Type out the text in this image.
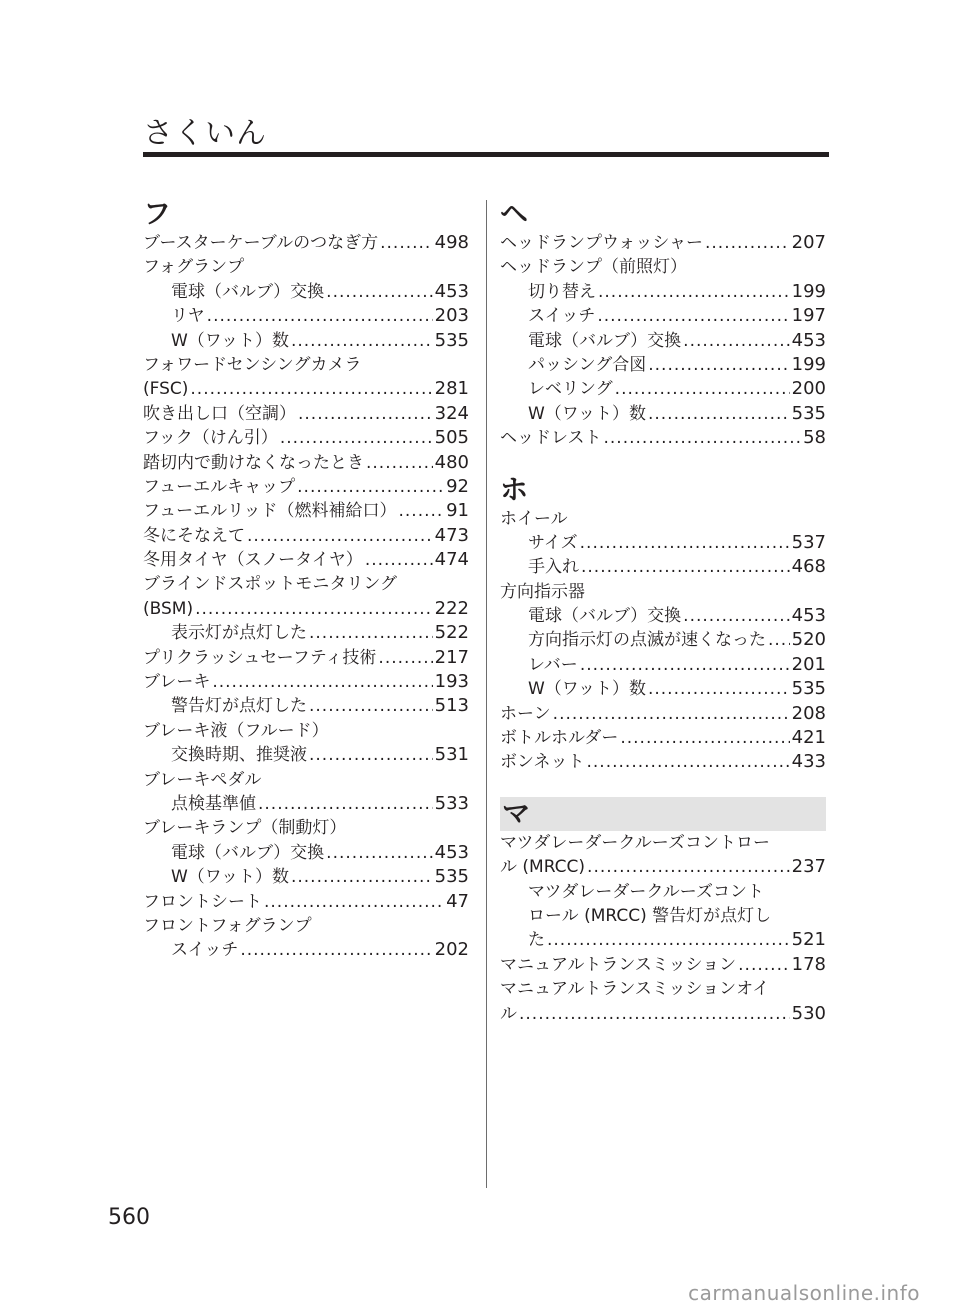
さくいん
フ
ブースターケーブルのつなぎ方 .....	498
フォグランプ
電球（バルブ）交換 .....	453
リヤ .....	203
W（ワット）数 .....	535
フォワードセンシングカメラ
(FSC) .....	281
吹き出し口（空調） .....	324
フック（けん引） .....	505
踏切内で動けなくなったとき .....	480
フューエルキャップ .....	92
フューエルリッド（燃料補給口） .....	91
冬にそなえて .....	473
冬用タイヤ（スノータイヤ） .....	474
ブラインドスポットモニタリング
(BSM) .....	222
表示灯が点灯した .....	522
プリクラッシュセーフティ技術 .....	217
ブレーキ .....	193
警告灯が点灯した .....	513
ブレーキ液（フルード）
交換時期、推奨液 .....	531
ブレーキペダル
点検基準値 .....	533
ブレーキランプ（制動灯）
電球（バルブ）交換 .....	453
W（ワット）数 .....	535
フロントシート .....	47
フロントフォグランプ
スイッチ .....	202
ヘ
ヘッドランプウォッシャー .....	207
ヘッドランプ（前照灯）
切り替え .....	199
スイッチ .....	197
電球（バルブ）交換 .....	453
パッシング合図 .....	199
レベリング .....	200
W（ワット）数 .....	535
ヘッドレスト .....	58
ホ
ホイール
サイズ .....	537
手入れ .....	468
方向指示器
電球（バルブ）交換 .....	453
方向指示灯の点滅が速くなった ..... 520
レバー .....	201
W（ワット）数 .....	535
ホーン .....	208
ボトルホルダー .....	421
ボンネット .....	433
マ
マツダレーダークルーズコントロー
ル (MRCC) .....	237
マツダレーダークルーズコント
ロール (MRCC) 警告灯が点灯し
た .....	521
マニュアルトランスミッション .....	178
マニュアルトランスミッションオイ
ル .....	530
560
carmanualsonline.info
